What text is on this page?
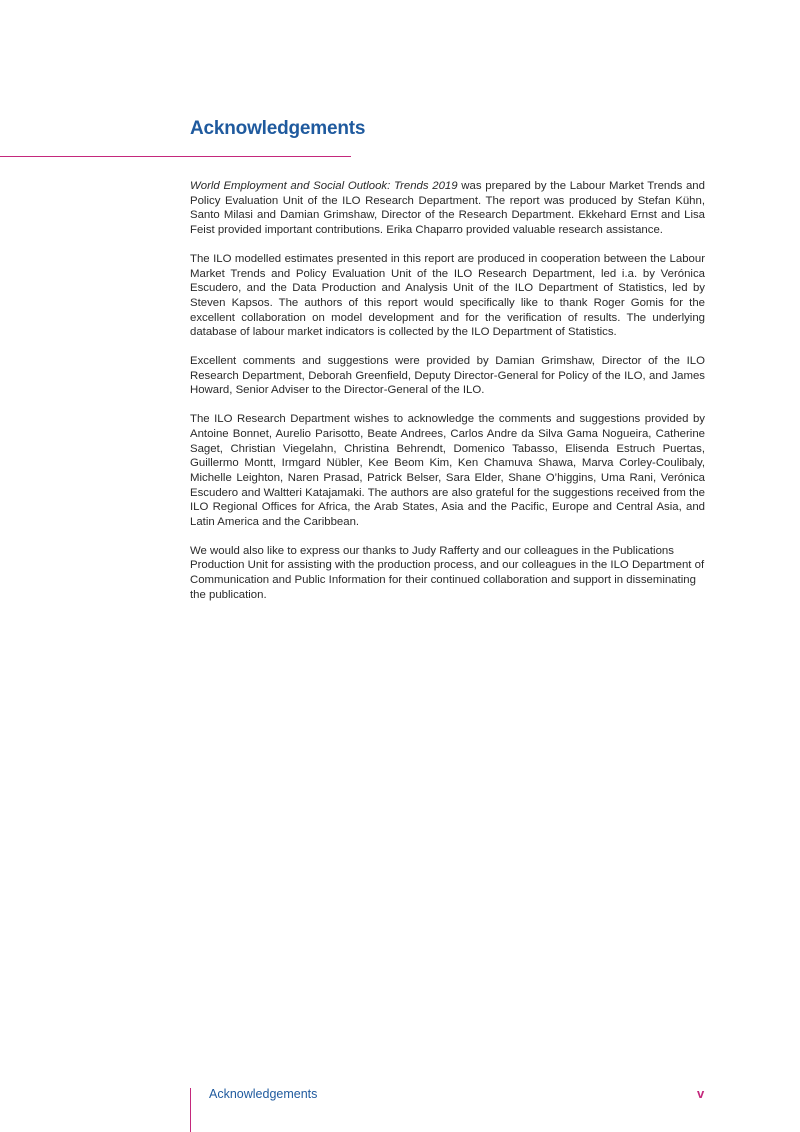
Acknowledgements

World Employment and Social Outlook: Trends 2019 was prepared by the Labour Market Trends and Policy Evaluation Unit of the ILO Research Department. The report was produced by Stefan Kühn, Santo Milasi and Damian Grimshaw, Director of the Research Department. Ekkehard Ernst and Lisa Feist provided important contributions. Erika Chaparro provided valuable research assistance.

The ILO modelled estimates presented in this report are produced in cooperation between the Labour Market Trends and Policy Evaluation Unit of the ILO Research Department, led i.a. by Verónica Escudero, and the Data Production and Analysis Unit of the ILO Department of Statistics, led by Steven Kapsos. The authors of this report would specifically like to thank Roger Gomis for the excellent collaboration on model development and for the verification of results. The underlying database of labour market indicators is collected by the ILO Department of Statistics.

Excellent comments and suggestions were provided by Damian Grimshaw, Director of the ILO Research Department, Deborah Greenfield, Deputy Director-General for Policy of the ILO, and James Howard, Senior Adviser to the Director-General of the ILO.

The ILO Research Department wishes to acknowledge the comments and suggestions provided by Antoine Bonnet, Aurelio Parisotto, Beate Andrees, Carlos Andre da Silva Gama Nogueira, Catherine Saget, Christian Viegelahn, Christina Behrendt, Domenico Tabasso, Elisenda Estruch Puertas, Guillermo Montt, Irmgard Nübler, Kee Beom Kim, Ken Chamuva Shawa, Marva Corley-Coulibaly, Michelle Leighton, Naren Prasad, Patrick Belser, Sara Elder, Shane O’higgins, Uma Rani, Verónica Escudero and Waltteri Katajamaki. The authors are also grateful for the suggestions received from the ILO Regional Offices for Africa, the Arab States, Asia and the Pacific, Europe and Central Asia, and Latin America and the Caribbean.

We would also like to express our thanks to Judy Rafferty and our colleagues in the Publications Production Unit for assisting with the production process, and our colleagues in the ILO Department of Communication and Public Information for their continued collaboration and support in disseminating the publication.

Acknowledgements	v
